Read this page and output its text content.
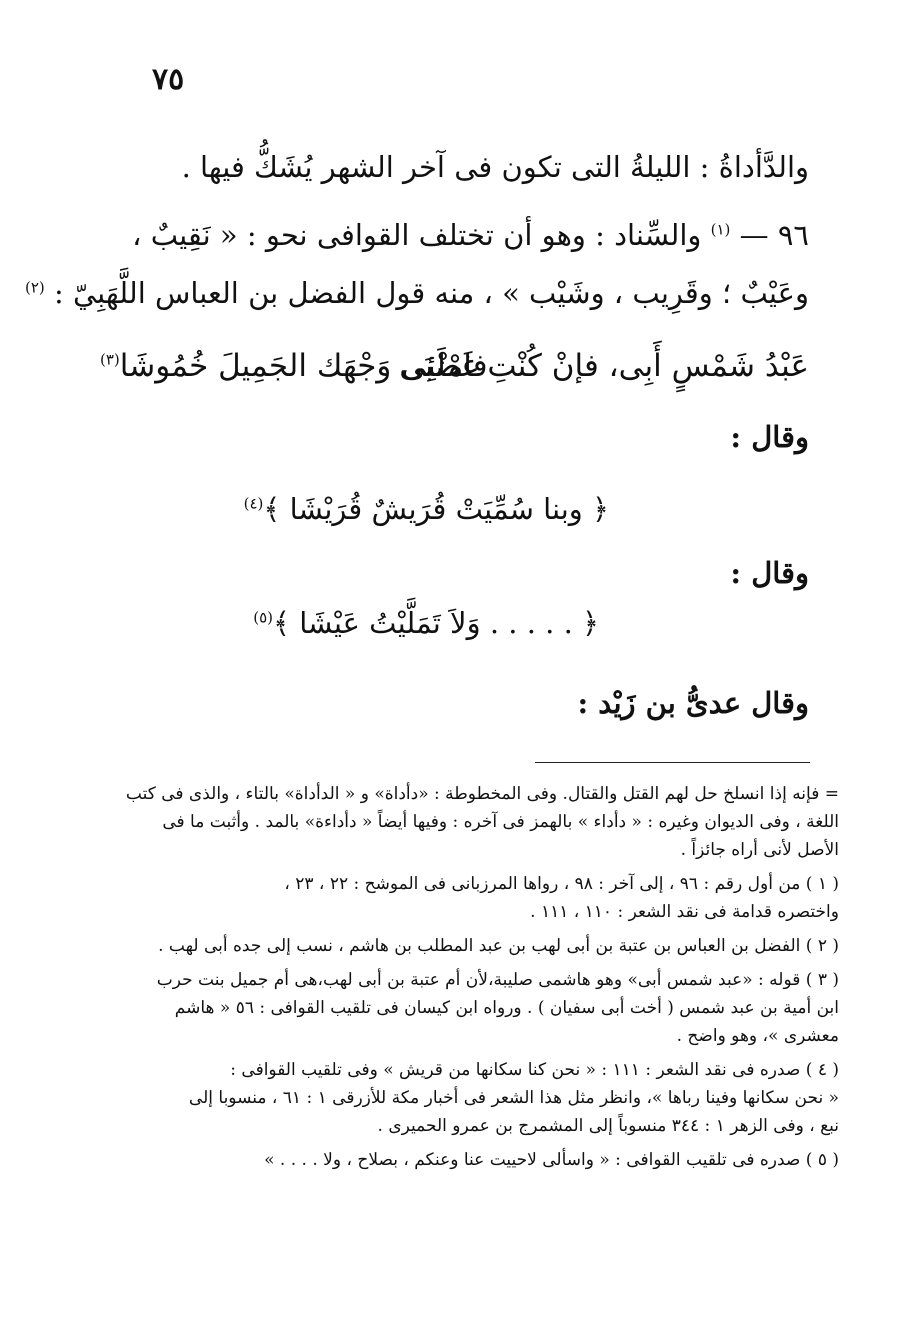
٧٥
والدَّأداةُ : الليلةُ التى تكون فى آخر الشهر يُشَكُّ فيها .
٩٦ — $^{(١)}$ والسِّناد : وهو أن تختلف القوافى نحو : « نَقِيبٌ ،
وعَيْبٌ ؛ وقَرِيب ، وشَيْب » ، منه قول الفضل بن العباس اللَّهَبِيّ : $^{(٢)}$
عَبْدُ شَمْسٍ أَبِى، فإنْ كُنْتِ غَضْبَى
فامْلَئِى وَجْهَك الجَمِيلَ خُمُوشَا$^{(٣)}$
وقال :
﴿ وبنا سُمِّيَتْ قُرَيشٌ قُرَيْشَا ﴾$^{(٤)}$
وقال :
﴿ . . . . . وَلاَ تَمَلَّيْتُ عَيْشَا ﴾$^{(٥)}$
وقال عدىُّ بن زَيْد :
= فإنه إذا انسلخ حل لهم القتل والقتال. وفى المخطوطة : «دأداة» و « الدأداة» بالتاء ، والذى فى كتب
اللغة ، وفى الديوان وغيره : « دأداء » بالهمز فى آخره : وفيها أيضاً « دأداءة» بالمد . وأثبت ما فى
الأصل لأنى أراه جائزاً .
( ١ ) من أول رقم : ٩٦ ، إلى آخر : ٩٨ ، رواها المرزبانى فى الموشح : ٢٢ ، ٢٣ ،
واختصره قدامة فى نقد الشعر : ١١٠ ، ١١١ .
( ٢ ) الفضل بن العباس بن عتبة بن أبى لهب بن عبد المطلب بن هاشم ، نسب إلى جده أبى لهب .
( ٣ ) قوله : «عبد شمس أبى» وهو هاشمى صليبة،لأن أم عتبة بن أبى لهب،هى أم جميل بنت حرب
ابن أمية بن عبد شمس ( أخت أبى سفيان ) . ورواه ابن كيسان فى تلقيب القوافى : ٥٦ « هاشم
معشرى »، وهو واضح .
( ٤ ) صدره فى نقد الشعر : ١١١ : « نحن كنا سكانها من قريش » وفى تلقيب القوافى :
« نحن سكانها وفينا رباها »، وانظر مثل هذا الشعر فى أخبار مكة للأزرقى ١ : ٦١ ، منسوبا إلى
نبع ، وفى الزهر ١ : ٣٤٤ منسوباً إلى المشمرج بن عمرو الحميرى .
( ٥ ) صدره فى تلقيب القوافى : « واسألى لاحييت عنا وعنكم ، بصلاح ، ولا . . . . »
